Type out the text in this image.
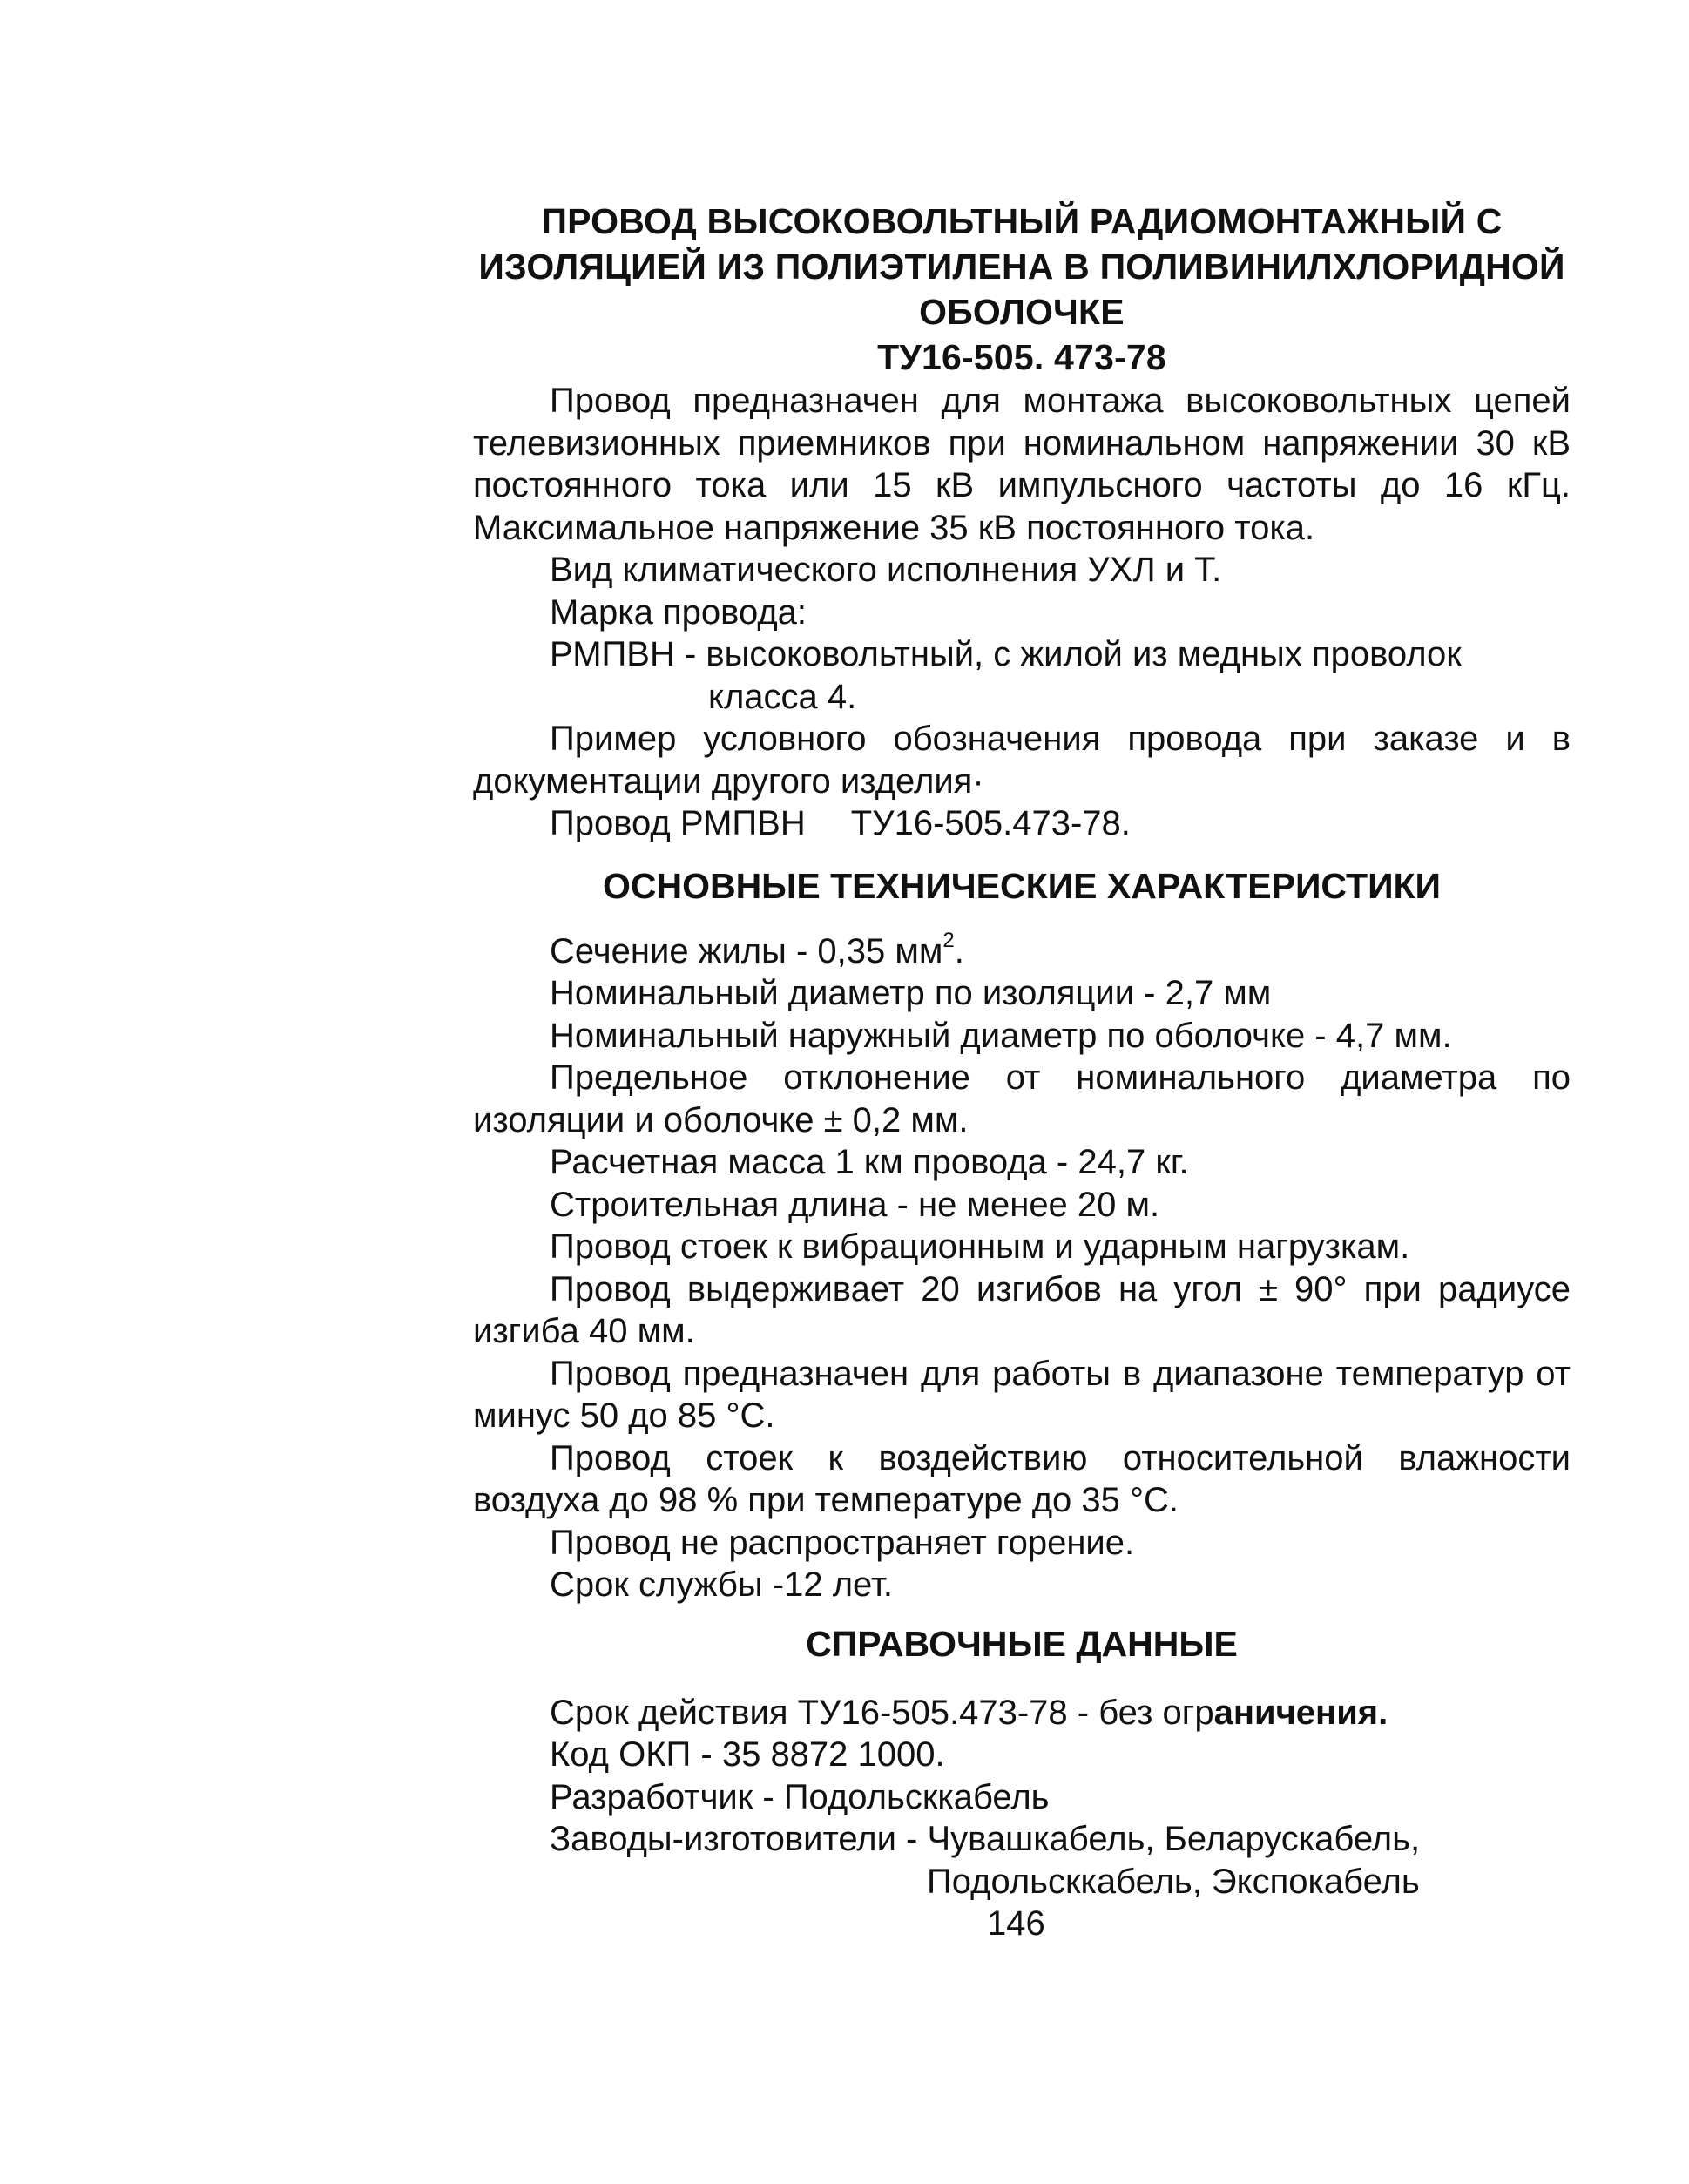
ПРОВОД ВЫСОКОВОЛЬТНЫЙ РАДИОМОНТАЖНЫЙ С
ИЗОЛЯЦИЕЙ ИЗ ПОЛИЭТИЛЕНА В ПОЛИВИНИЛХЛОРИДНОЙ
ОБОЛОЧКЕ
ТУ16-505. 473-78
Провод предназначен для монтажа высоковольтных цепей телевизионных приемников при номинальном напряжении 30 кВ постоянного тока или 15 кВ импульсного частоты до 16 кГц. Максимальное напряжение 35 кВ постоянного тока.
Вид климатического исполнения УХЛ и Т.
Марка провода:
РМПВН - высоковольтный, с жилой из медных проволок
класса 4.
Пример условного обозначения провода при заказе и в документации другого изделия·
Провод РМПВН ТУ16-505.473-78.
ОСНОВНЫЕ ТЕХНИЧЕСКИЕ ХАРАКТЕРИСТИКИ
Сечение жилы - 0,35 $мм^2$.
Номинальный диаметр по изоляции - 2,7 мм
Номинальный наружный диаметр по оболочке - 4,7 мм.
Предельное отклонение от номинального диаметра по изоляции и оболочке ± 0,2 мм.
Расчетная масса 1 км провода - 24,7 кг.
Строительная длина - не менее 20 м.
Провод стоек к вибрационным и ударным нагрузкам.
Провод выдерживает 20 изгибов на угол ± 90° при радиусе изгиба 40 мм.
Провод предназначен для работы в диапазоне температур от минус 50 до 85 °С.
Провод стоек к воздействию относительной влажности воздуха до 98 % при температуре до 35 °С.
Провод не распространяет горение.
Срок службы -12 лет.
СПРАВОЧНЫЕ ДАННЫЕ
Срок действия ТУ16-505.473-78 - без ограничения.
Код ОКП - 35 8872 1000.
Разработчик - Подольсккабель
Заводы-изготовители - Чувашкабель, Беларускабель,
Подольсккабель, Экспокабель
146
